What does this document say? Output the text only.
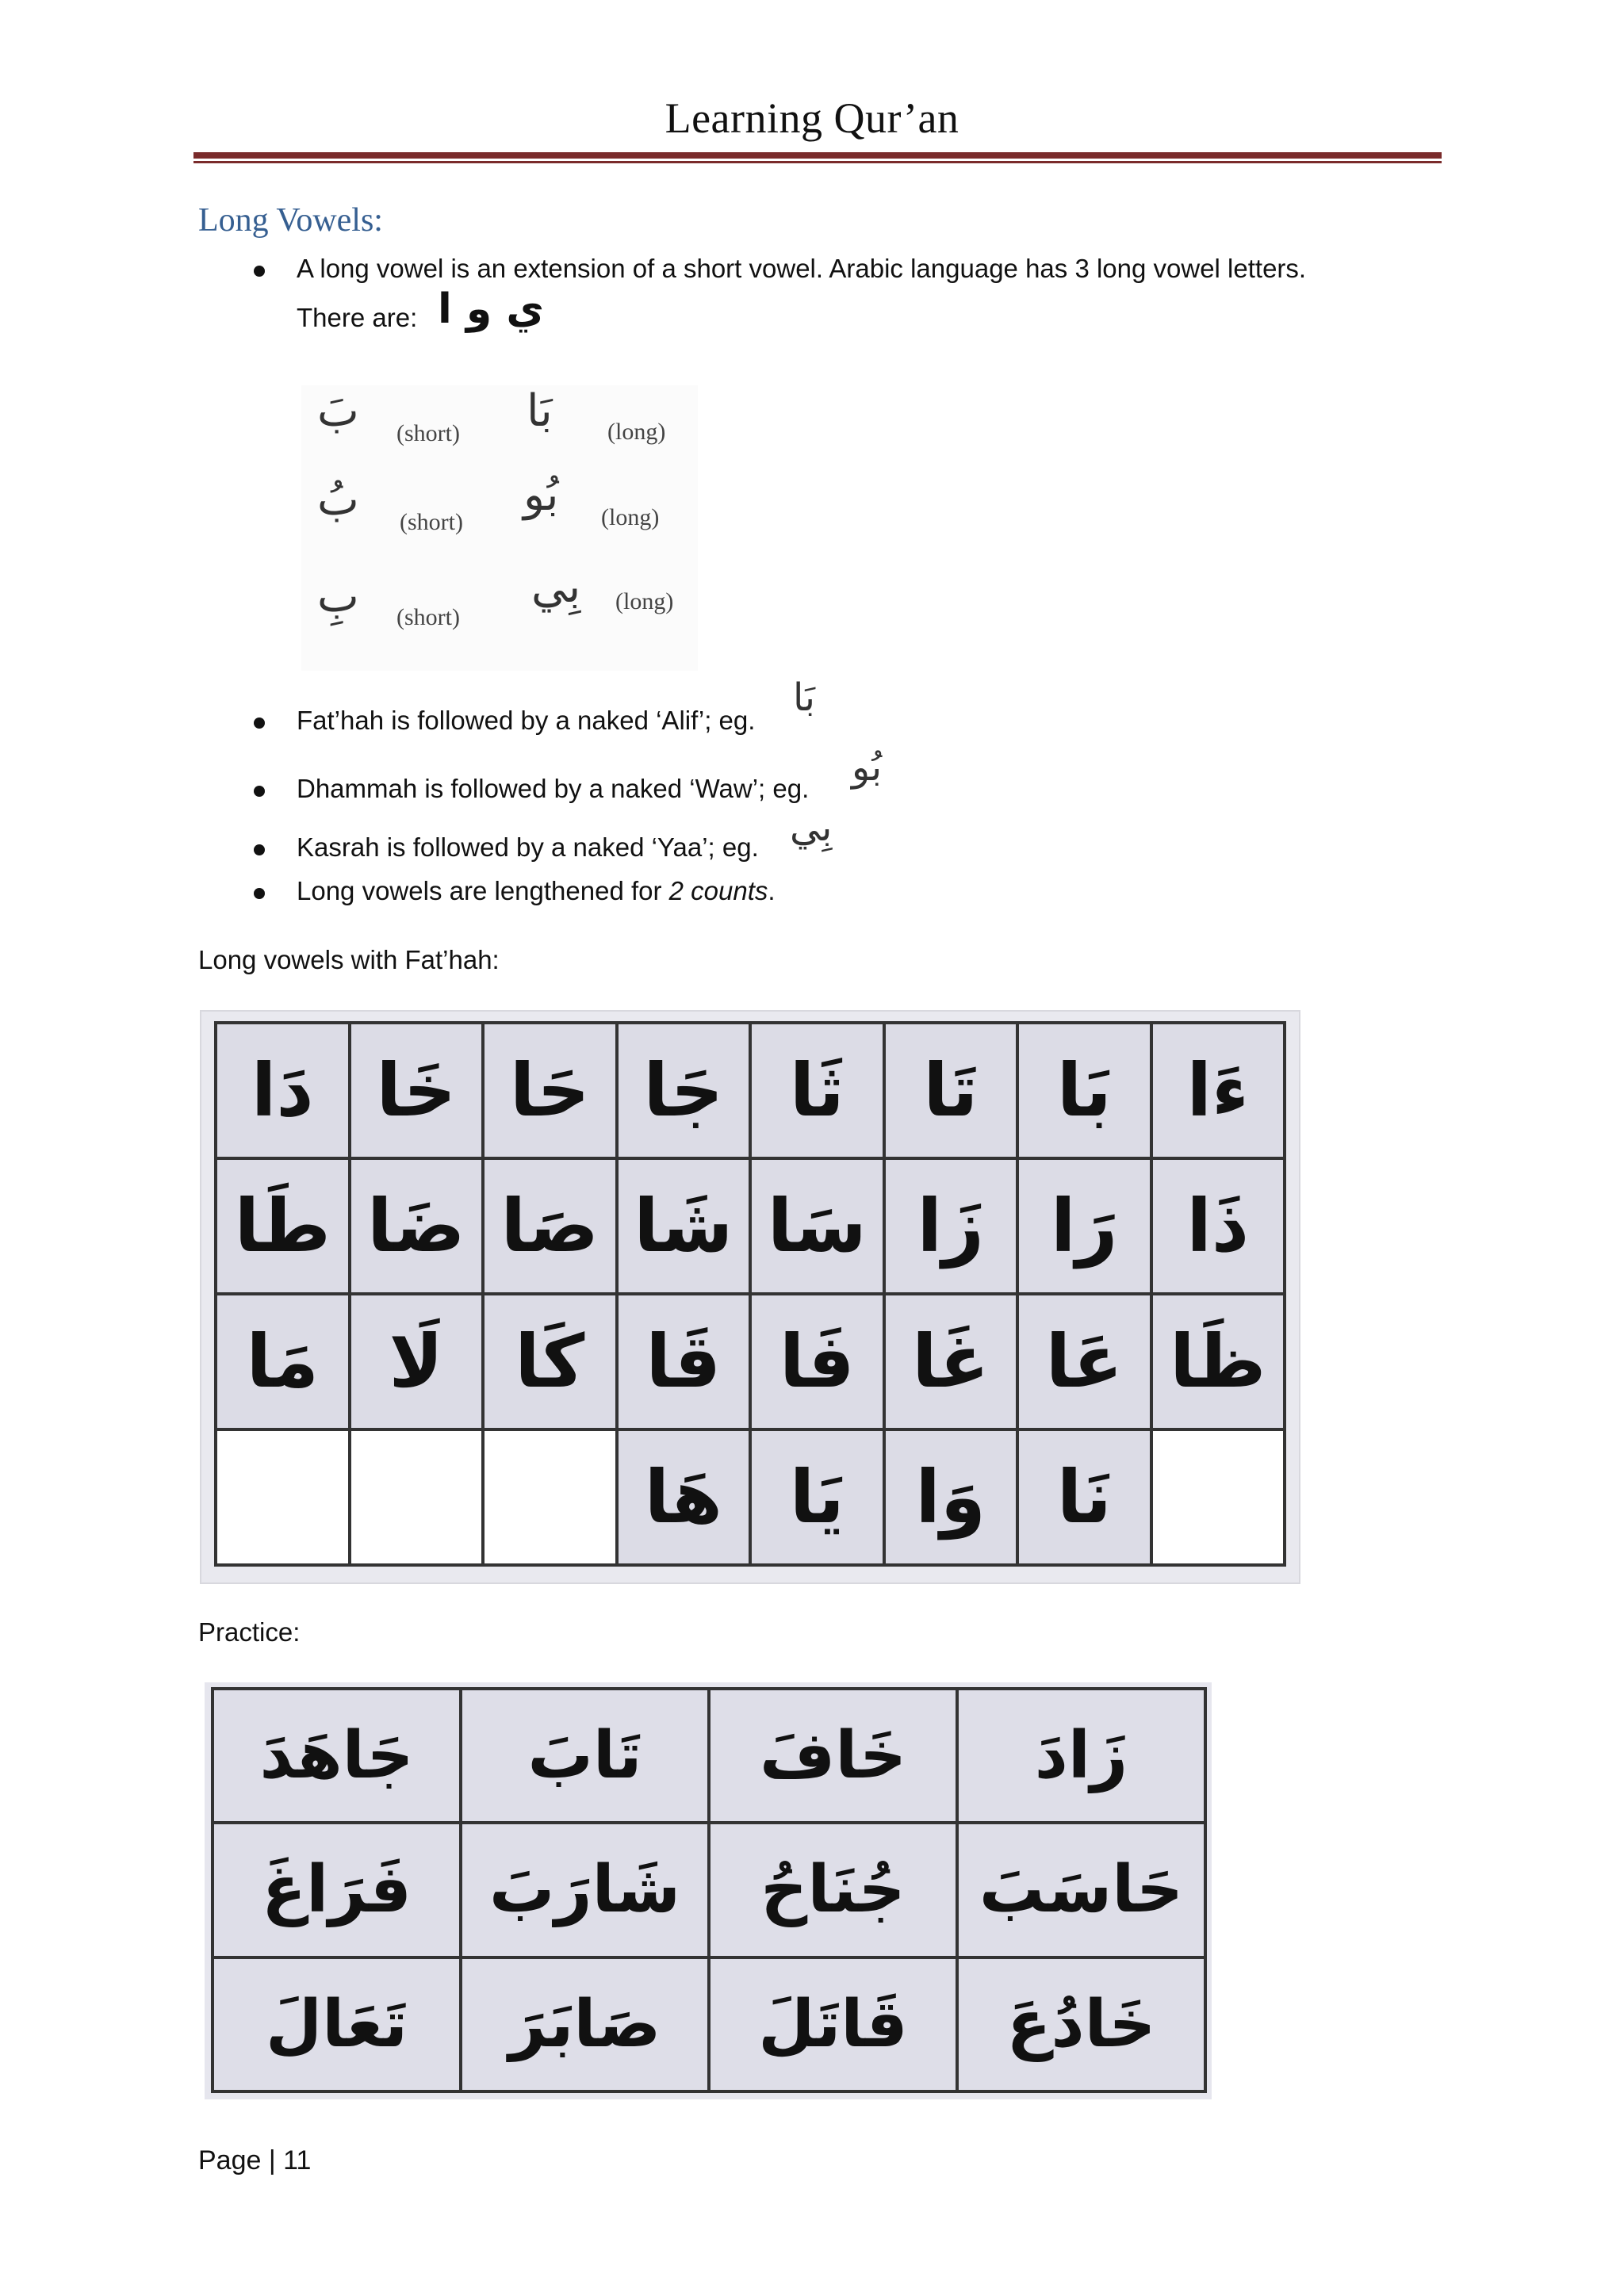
Learning Qur’an
Long Vowels:
A long vowel is an extension of a short vowel. Arabic language has 3 long vowel letters.
There are: ي و ا
بَ (short) بَا (long)
بُ (short)
بُو (long)
بِ (short)
بِي (long)
Fat’hah is followed by a naked ‘Alif’; eg.
بَا
Dhammah is followed by a naked ‘Waw’; eg. بُو
Kasrah is followed by a naked ‘Yaa’; eg. بِي
Long vowels are lengthened for 2 counts.
Long vowels with Fat’hah:
ءَا
بَا
تَا
ثَا
جَا
حَا
خَا
دَا
ذَا
رَا
زَا
سَا
شَا
صَا
ضَا
طَا
ظَا
عَا
غَا
فَا
قَا
كَا
لَا
مَا
نَا
وَا
يَا
هَا
Practice:
زَادَ
خَافَ
تَابَ
جَاهَدَ
حَاسَبَ
جُنَاحُ
شَارَبَ
فَرَاغَ
خَادُعَ
قَاتَلَ
صَابَرَ
تَعَالَ
Page | 11
